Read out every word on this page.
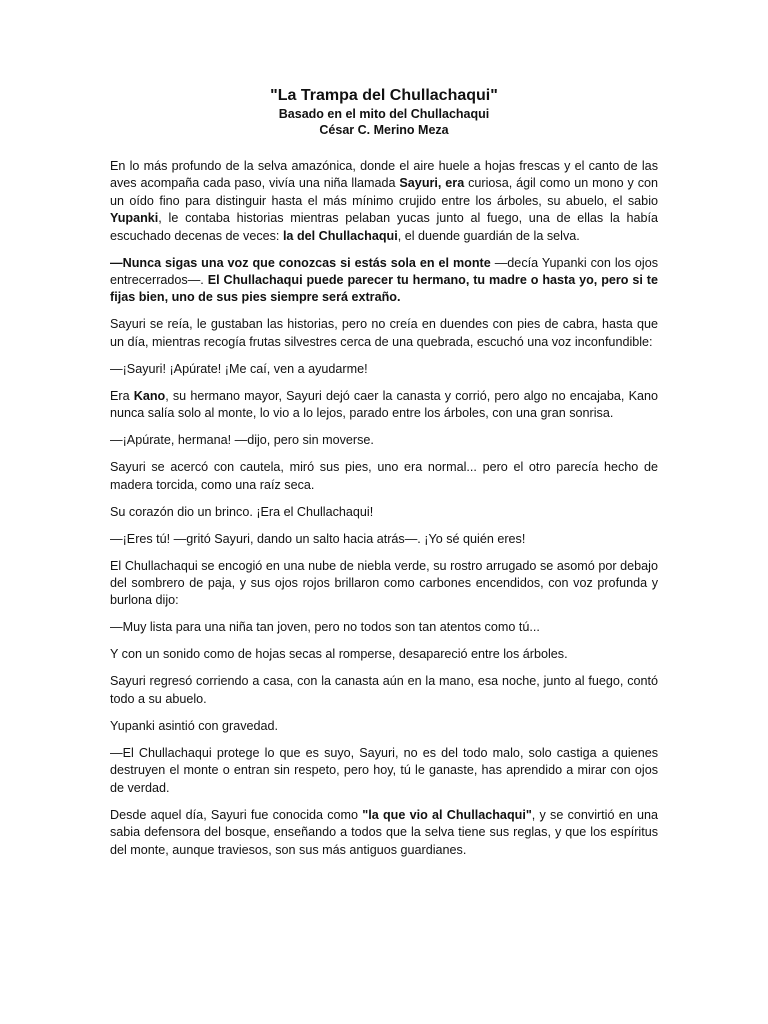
"La Trampa del Chullachaqui"

Basado en el mito del Chullachaqui

César C. Merino Meza

En lo más profundo de la selva amazónica, donde el aire huele a hojas frescas y el canto de las aves acompaña cada paso, vivía una niña llamada Sayuri, era curiosa, ágil como un mono y con un oído fino para distinguir hasta el más mínimo crujido entre los árboles, su abuelo, el sabio Yupanki, le contaba historias mientras pelaban yucas junto al fuego, una de ellas la había escuchado decenas de veces: la del Chullachaqui, el duende guardián de la selva.

—Nunca sigas una voz que conozcas si estás sola en el monte —decía Yupanki con los ojos entrecerrados—. El Chullachaqui puede parecer tu hermano, tu madre o hasta yo, pero si te fijas bien, uno de sus pies siempre será extraño.

Sayuri se reía, le gustaban las historias, pero no creía en duendes con pies de cabra, hasta que un día, mientras recogía frutas silvestres cerca de una quebrada, escuchó una voz inconfundible:

—¡Sayuri! ¡Apúrate! ¡Me caí, ven a ayudarme!

Era Kano, su hermano mayor, Sayuri dejó caer la canasta y corrió, pero algo no encajaba, Kano nunca salía solo al monte, lo vio a lo lejos, parado entre los árboles, con una gran sonrisa.

—¡Apúrate, hermana! —dijo, pero sin moverse.

Sayuri se acercó con cautela, miró sus pies, uno era normal... pero el otro parecía hecho de madera torcida, como una raíz seca.

Su corazón dio un brinco. ¡Era el Chullachaqui!

—¡Eres tú! —gritó Sayuri, dando un salto hacia atrás—. ¡Yo sé quién eres!

El Chullachaqui se encogió en una nube de niebla verde, su rostro arrugado se asomó por debajo del sombrero de paja, y sus ojos rojos brillaron como carbones encendidos, con voz profunda y burlona dijo:

—Muy lista para una niña tan joven, pero no todos son tan atentos como tú...

Y con un sonido como de hojas secas al romperse, desapareció entre los árboles.

Sayuri regresó corriendo a casa, con la canasta aún en la mano, esa noche, junto al fuego, contó todo a su abuelo.

Yupanki asintió con gravedad.

—El Chullachaqui protege lo que es suyo, Sayuri, no es del todo malo, solo castiga a quienes destruyen el monte o entran sin respeto, pero hoy, tú le ganaste, has aprendido a mirar con ojos de verdad.

Desde aquel día, Sayuri fue conocida como "la que vio al Chullachaqui", y se convirtió en una sabia defensora del bosque, enseñando a todos que la selva tiene sus reglas, y que los espíritus del monte, aunque traviesos, son sus más antiguos guardianes.
